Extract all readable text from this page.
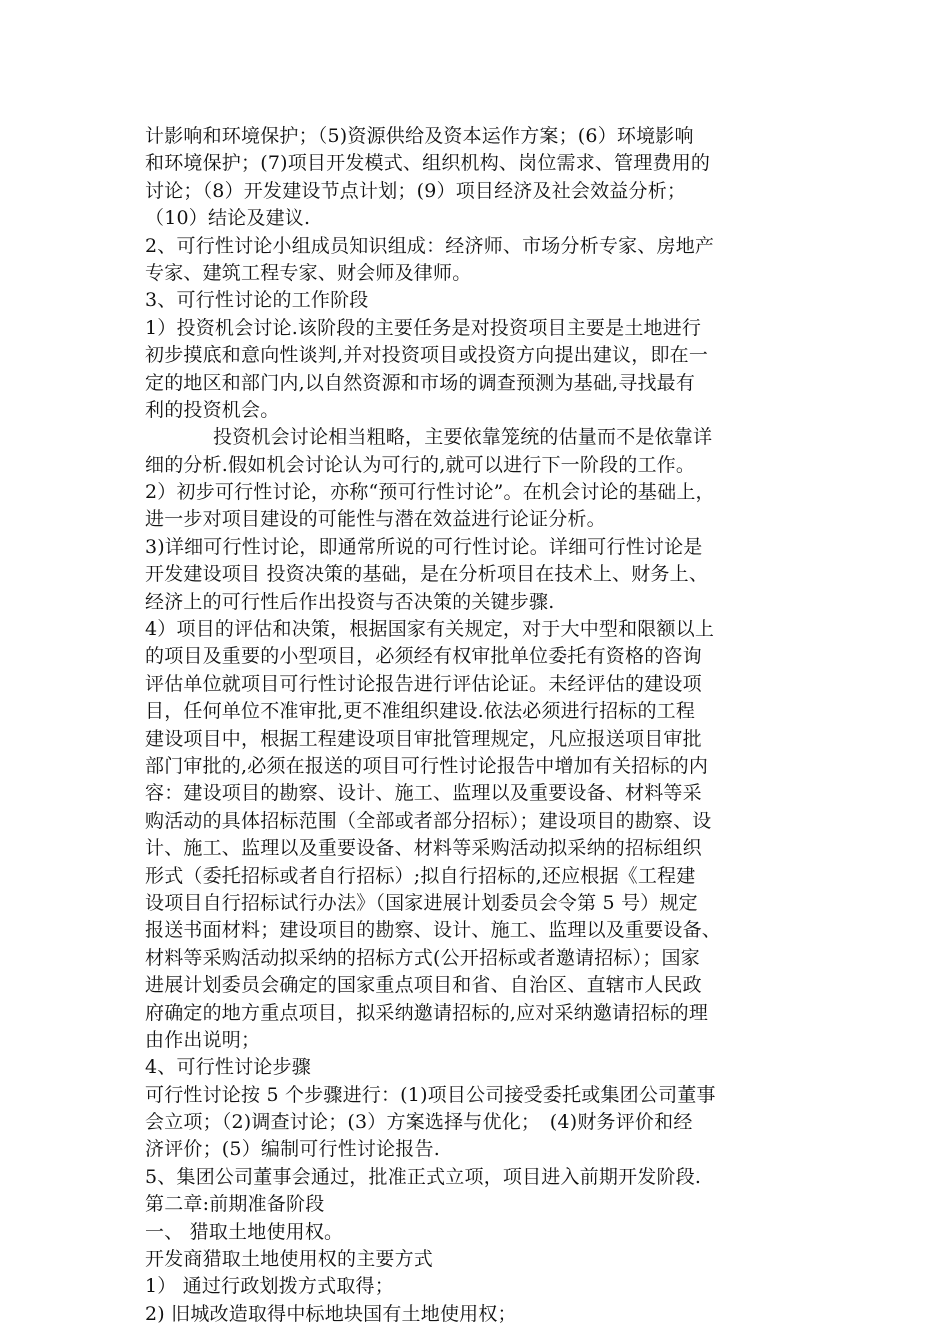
计影响和环境保护；（5)资源供给及资本运作方案；(6）环境影响
和环境保护；(7)项目开发模式、组织机构、岗位需求、管理费用的
讨论；（8）开发建设节点计划；(9）项目经济及社会效益分析；
（10）结论及建议.
2、可行性讨论小组成员知识组成：经济师、市场分析专家、房地产
专家、建筑工程专家、财会师及律师。
3、可行性讨论的工作阶段
1）投资机会讨论.该阶段的主要任务是对投资项目主要是土地进行
初步摸底和意向性谈判,并对投资项目或投资方向提出建议，即在一
定的地区和部门内,以自然资源和市场的调查预测为基础,寻找最有
利的投资机会。
投资机会讨论相当粗略，主要依靠笼统的估量而不是依靠详
细的分析.假如机会讨论认为可行的,就可以进行下一阶段的工作。
2）初步可行性讨论，亦称“预可行性讨论”。在机会讨论的基础上，
进一步对项目建设的可能性与潜在效益进行论证分析。
3)详细可行性讨论，即通常所说的可行性讨论。详细可行性讨论是
开发建设项目 投资决策的基础，是在分析项目在技术上、财务上、
经济上的可行性后作出投资与否决策的关键步骤.
4）项目的评估和决策，根据国家有关规定，对于大中型和限额以上
的项目及重要的小型项目，必须经有权审批单位委托有资格的咨询
评估单位就项目可行性讨论报告进行评估论证。未经评估的建设项
目，任何单位不准审批,更不准组织建设.依法必须进行招标的工程
建设项目中，根据工程建设项目审批管理规定，凡应报送项目审批
部门审批的,必须在报送的项目可行性讨论报告中增加有关招标的内
容：建设项目的勘察、设计、施工、监理以及重要设备、材料等采
购活动的具体招标范围（全部或者部分招标）；建设项目的勘察、设
计、施工、监理以及重要设备、材料等采购活动拟采纳的招标组织
形式（委托招标或者自行招标）;拟自行招标的,还应根据《工程建
设项目自行招标试行办法》（国家进展计划委员会令第 5 号）规定
报送书面材料；建设项目的勘察、设计、施工、监理以及重要设备、
材料等采购活动拟采纳的招标方式(公开招标或者邀请招标）；国家
进展计划委员会确定的国家重点项目和省、自治区、直辖市人民政
府确定的地方重点项目，拟采纳邀请招标的,应对采纳邀请招标的理
由作出说明；
4、可行性讨论步骤
可行性讨论按 5 个步骤进行：(1)项目公司接受委托或集团公司董事
会立项；（2)调查讨论；(3）方案选择与优化；　(4)财务评价和经
济评价；(5）编制可行性讨论报告.
5、集团公司董事会通过，批准正式立项，项目进入前期开发阶段.
第二章:前期准备阶段
一、 猎取土地使用权。
开发商猎取土地使用权的主要方式
1） 通过行政划拨方式取得；
2) 旧城改造取得中标地块国有土地使用权；
